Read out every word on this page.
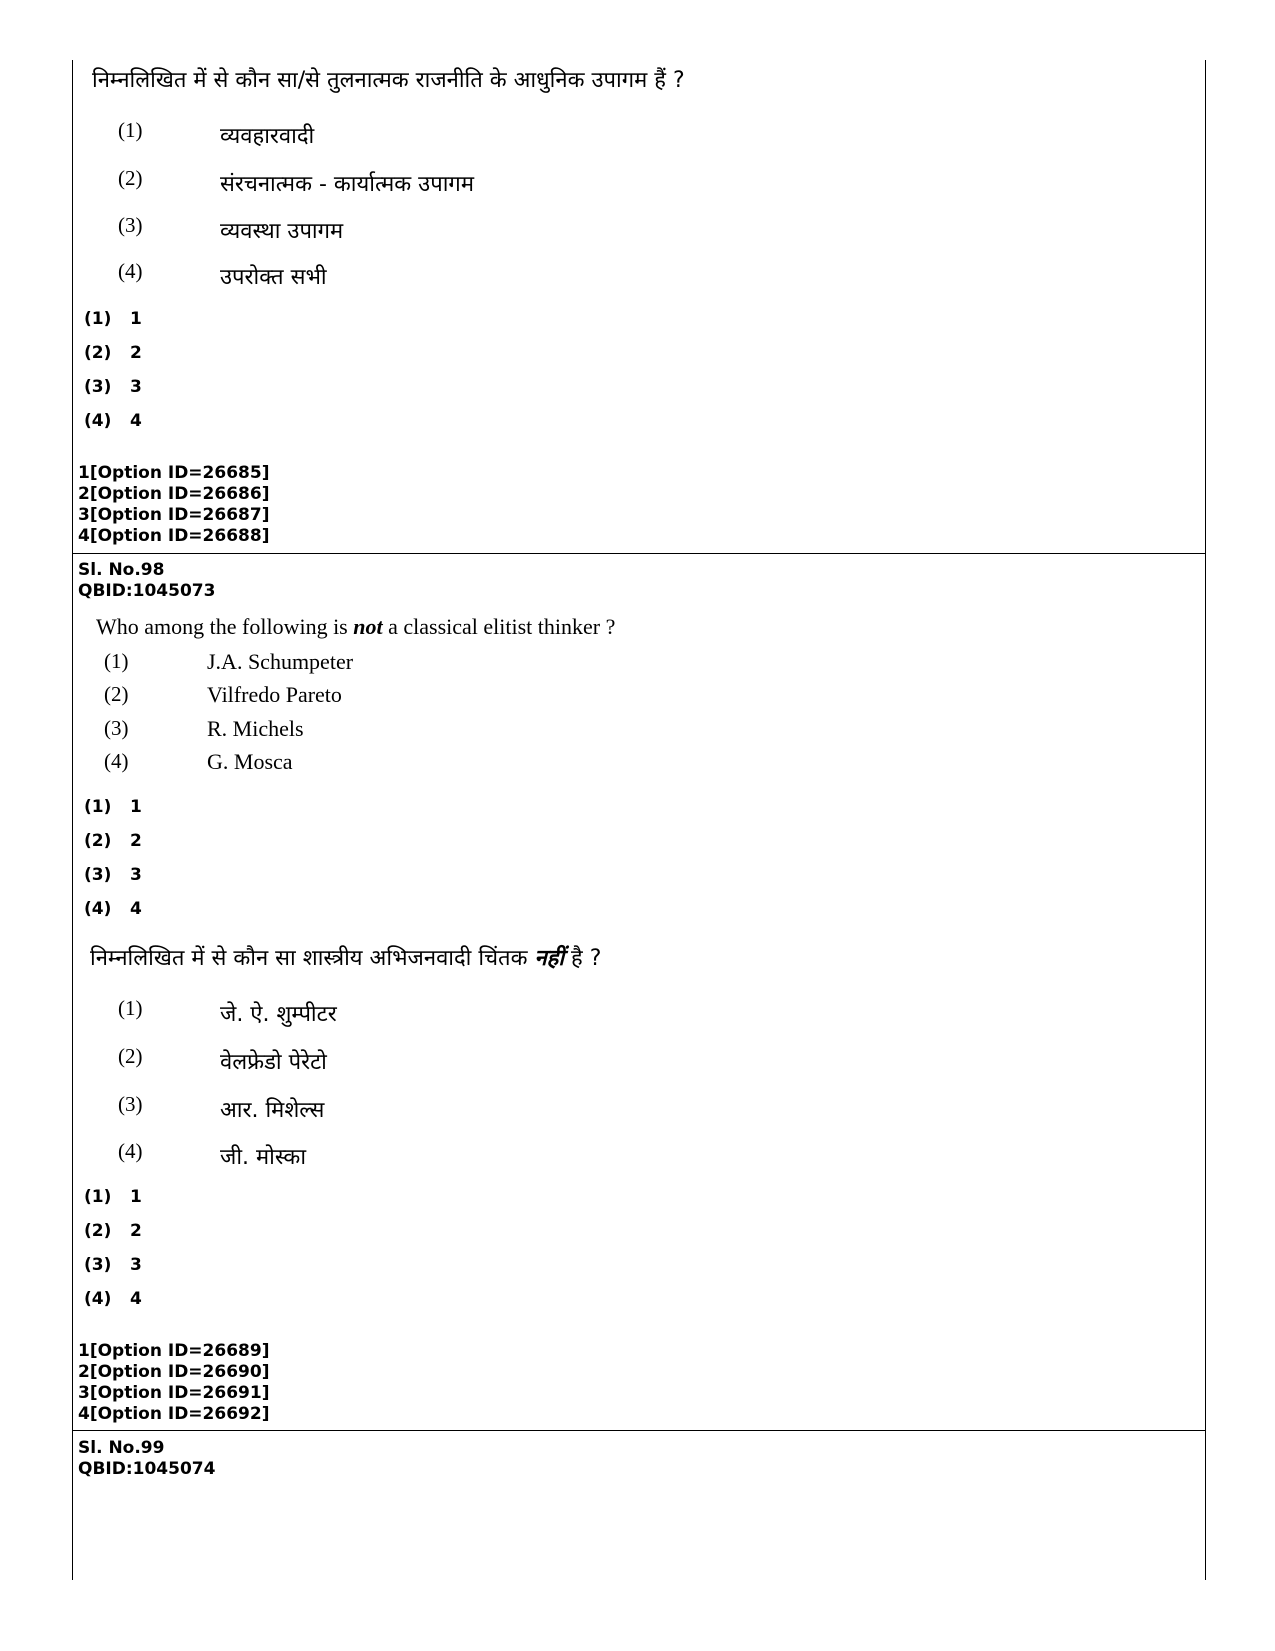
निम्नलिखित में से कौन सा/से तुलनात्मक राजनीति के आधुनिक उपागम हैं ?
(1)	व्यवहारवादी
(2)	संरचनात्मक - कार्यात्मक उपागम
(3)	व्यवस्था उपागम
(4)	उपरोक्त सभी
(1) 1
(2) 2
(3) 3
(4) 4
1[Option ID=26685]
2[Option ID=26686]
3[Option ID=26687]
4[Option ID=26688]
Sl. No.98
QBID:1045073
Who among the following is not a classical elitist thinker ?
(1)	J.A. Schumpeter
(2)	Vilfredo Pareto
(3)	R. Michels
(4)	G. Mosca
(1) 1
(2) 2
(3) 3
(4) 4
निम्नलिखित में से कौन सा शास्त्रीय अभिजनवादी चिंतक नहीं है ?
(1)	जे. ऐ. शुम्पीटर
(2)	वेलफ्रेडो पेरेटो
(3)	आर. मिशेल्स
(4)	जी. मोस्का
(1) 1
(2) 2
(3) 3
(4) 4
1[Option ID=26689]
2[Option ID=26690]
3[Option ID=26691]
4[Option ID=26692]
Sl. No.99
QBID:1045074
